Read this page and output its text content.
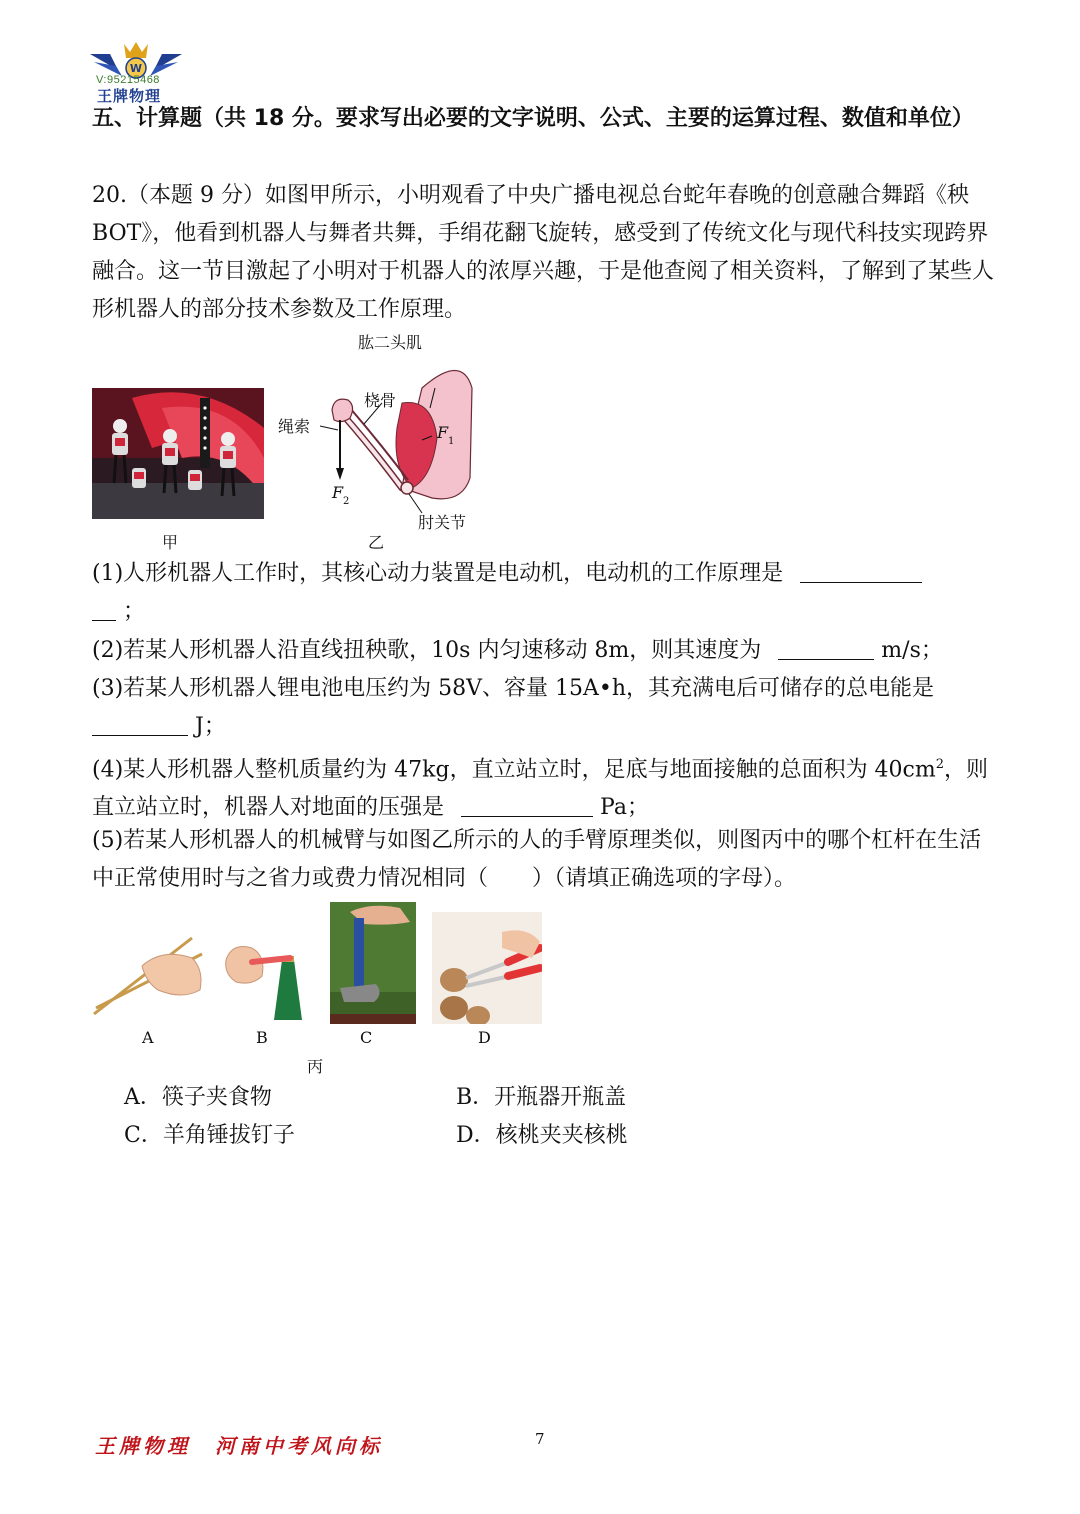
W
V:95215468
王牌物理
五、计算题（共 18 分。要求写出必要的文字说明、公式、主要的运算过程、数值和单位）
20.（本题 9 分）如图甲所示，小明观看了中央广播电视总台蛇年春晚的创意融合舞蹈《秧 BOT》，他看到机器人与舞者共舞，手绢花翻飞旋转，感受到了传统文化与现代科技实现跨界融合。这一节目激起了小明对于机器人的浓厚兴趣，于是他查阅了相关资料，了解到了某些人形机器人的部分技术参数及工作原理。
甲
肱二头肌
桡骨
绳索
肘关节
F 1
F 2
乙
(1)人形机器人工作时，其核心动力装置是电动机，电动机的工作原理是
；
(2)若某人形机器人沿直线扭秧歌，10s 内匀速移动 8m，则其速度为	m/s；
(3)若某人形机器人锂电池电压约为 58V、容量 15A•h，其充满电后可储存的总电能是  J；
(4)某人形机器人整机质量约为 47kg，直立站立时，足底与地面接触的总面积为 $40cm^2$，则直立站立时，机器人对地面的压强是	Pa；
(5)若某人形机器人的机械臂与如图乙所示的人的手臂原理类似，则图丙中的哪个杠杆在生活中正常使用时与之省力或费力情况相同（　　）（请填正确选项的字母）。
A	B	C	D
丙
A．筷子夹食物	B．开瓶器开瓶盖
C．羊角锤拔钉子	D．核桃夹夹核桃
王牌物理　河南中考风向标	7
